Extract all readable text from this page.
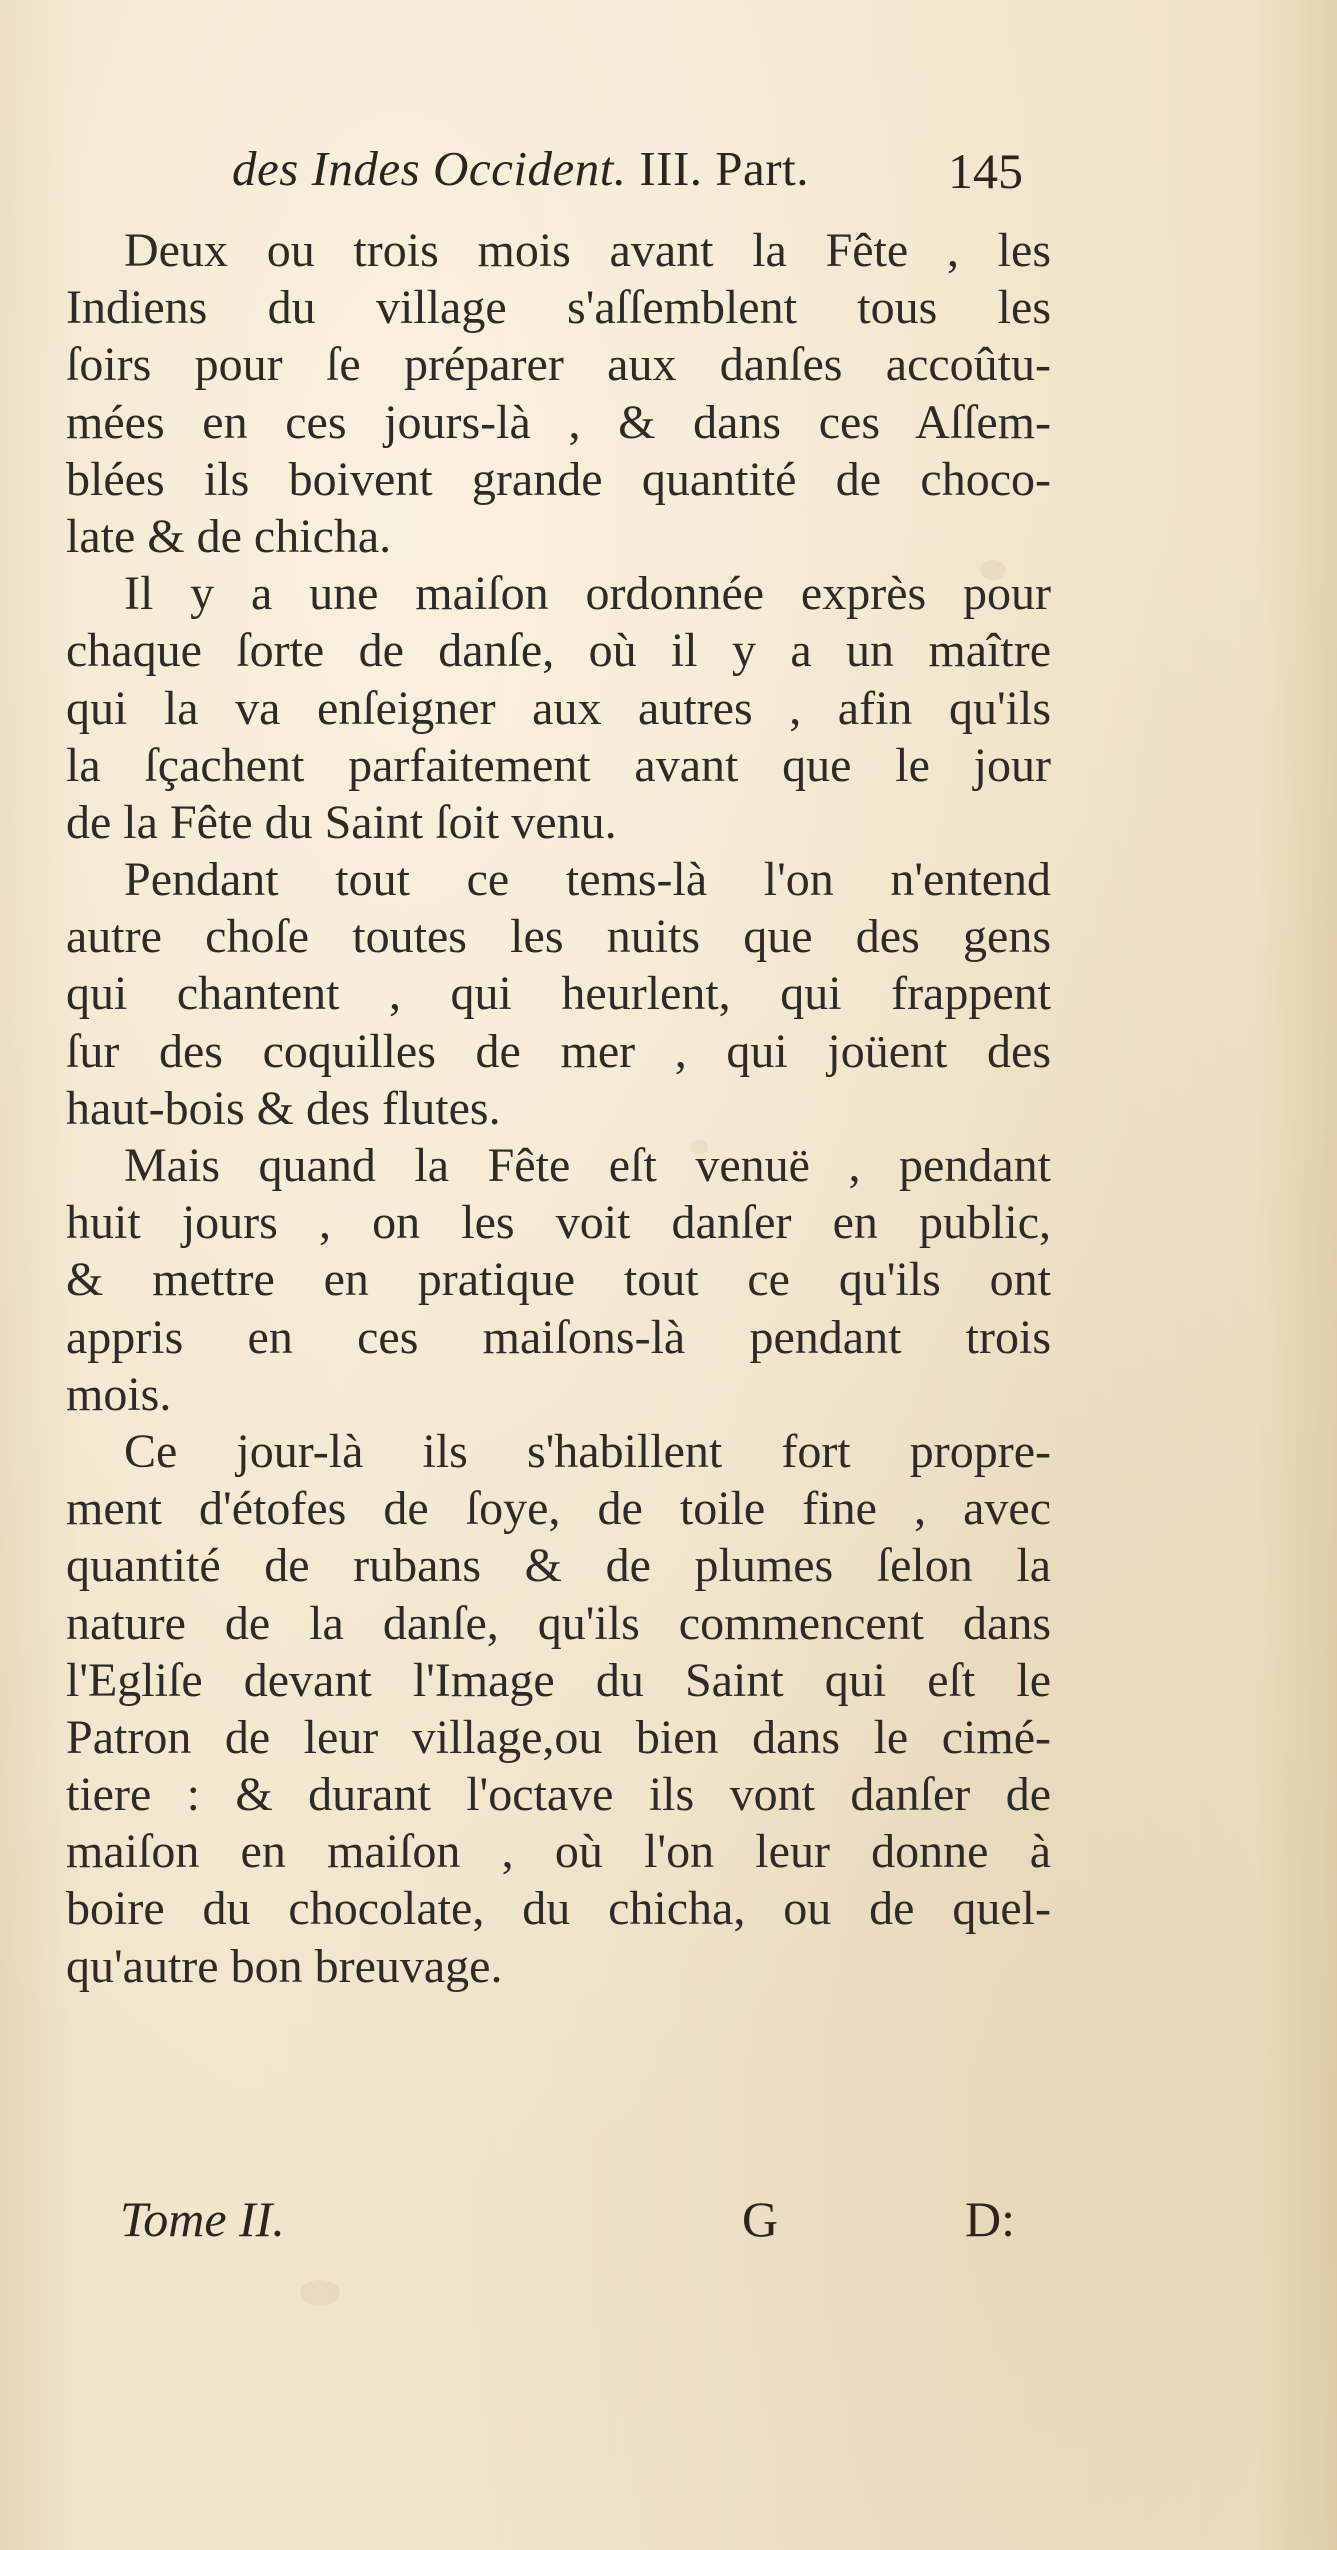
des Indes Occident. III. Part.	145
Deux ou trois mois avant la Fête , les
Indiens du village s'aſſemblent tous les
ſoirs pour ſe préparer aux danſes accoûtu-
mées en ces jours-là , & dans ces Aſſem-
blées ils boivent grande quantité de choco-
late & de chicha.
Il y a une maiſon ordonnée exprès pour
chaque ſorte de danſe, où il y a un maître
qui la va enſeigner aux autres , afin qu'ils
la ſçachent parfaitement avant que le jour
de la Fête du Saint ſoit venu.
Pendant tout ce tems-là l'on n'entend
autre choſe toutes les nuits que des gens
qui chantent , qui heurlent, qui frappent
ſur des coquilles de mer , qui joüent des
haut-bois & des flutes.
Mais quand la Fête eſt venuë , pendant
huit jours , on les voit danſer en public,
& mettre en pratique tout ce qu'ils ont
appris en ces maiſons-là pendant trois
mois.
Ce jour-là ils s'habillent fort propre-
ment d'étofes de ſoye, de toile fine , avec
quantité de rubans & de plumes ſelon la
nature de la danſe, qu'ils commencent dans
l'Egliſe devant l'Image du Saint qui eſt le
Patron de leur village,ou bien dans le cimé-
tiere : & durant l'octave ils vont danſer de
maiſon en maiſon , où l'on leur donne à
boire du chocolate, du chicha, ou de quel-
qu'autre bon breuvage.
Tome II.	G	D:
